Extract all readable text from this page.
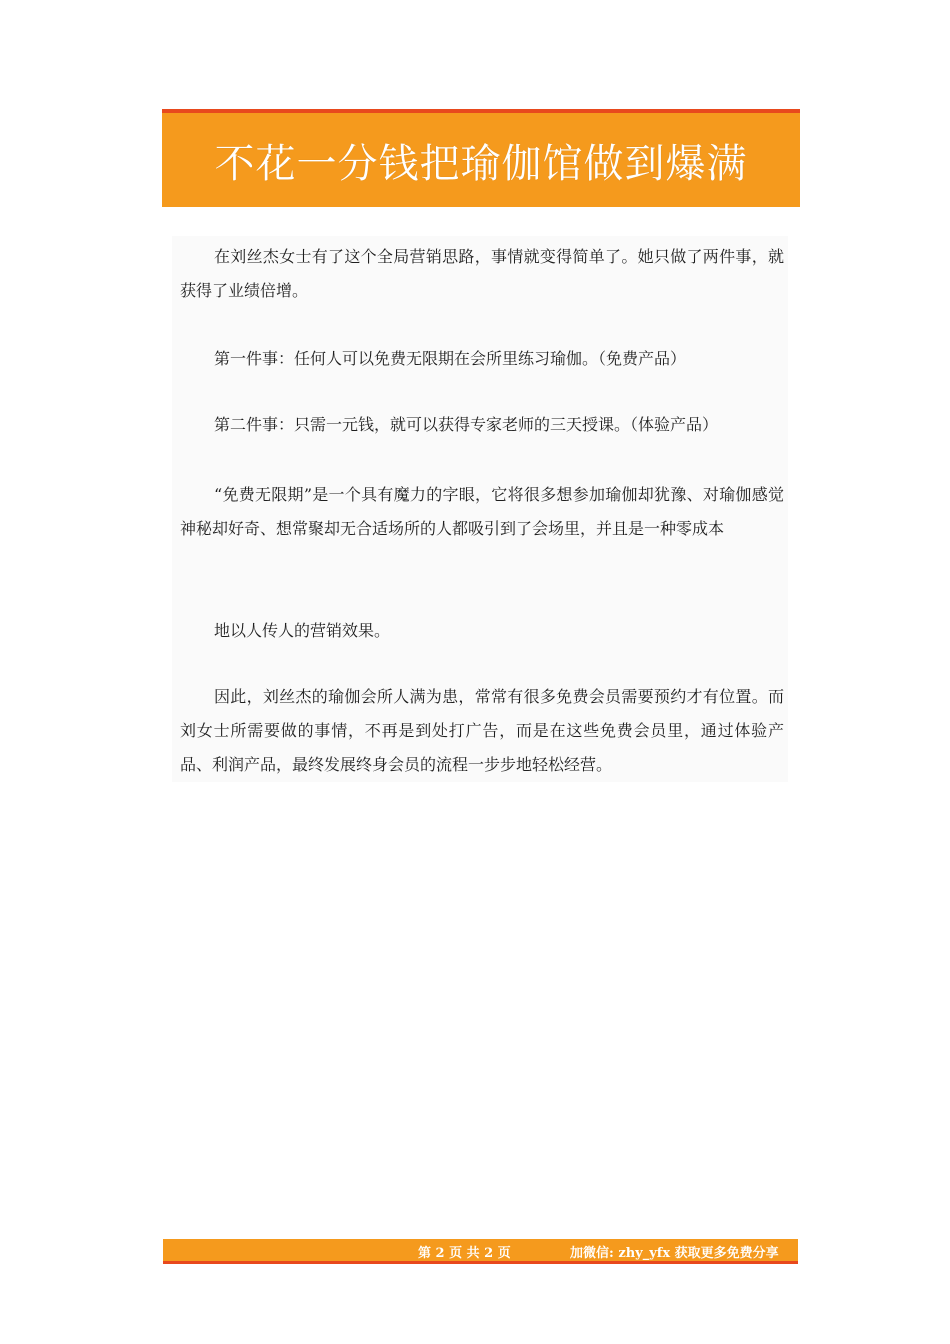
不花一分钱把瑜伽馆做到爆满

在刘丝杰女士有了这个全局营销思路，事情就变得简单了。她只做了两件事，就获得了业绩倍增。

第一件事：任何人可以免费无限期在会所里练习瑜伽。（免费产品）

第二件事：只需一元钱，就可以获得专家老师的三天授课。（体验产品）

“免费无限期”是一个具有魔力的字眼，它将很多想参加瑜伽却犹豫、对瑜伽感觉神秘却好奇、想常聚却无合适场所的人都吸引到了会场里，并且是一种零成本

地以人传人的营销效果。

因此，刘丝杰的瑜伽会所人满为患，常常有很多免费会员需要预约才有位置。而刘女士所需要做的事情，不再是到处打广告，而是在这些免费会员里，通过体验产品、利润产品，最终发展终身会员的流程一步步地轻松经营。

第 2 页 共 2 页	加微信: zhy_yfx 获取更多免费分享
